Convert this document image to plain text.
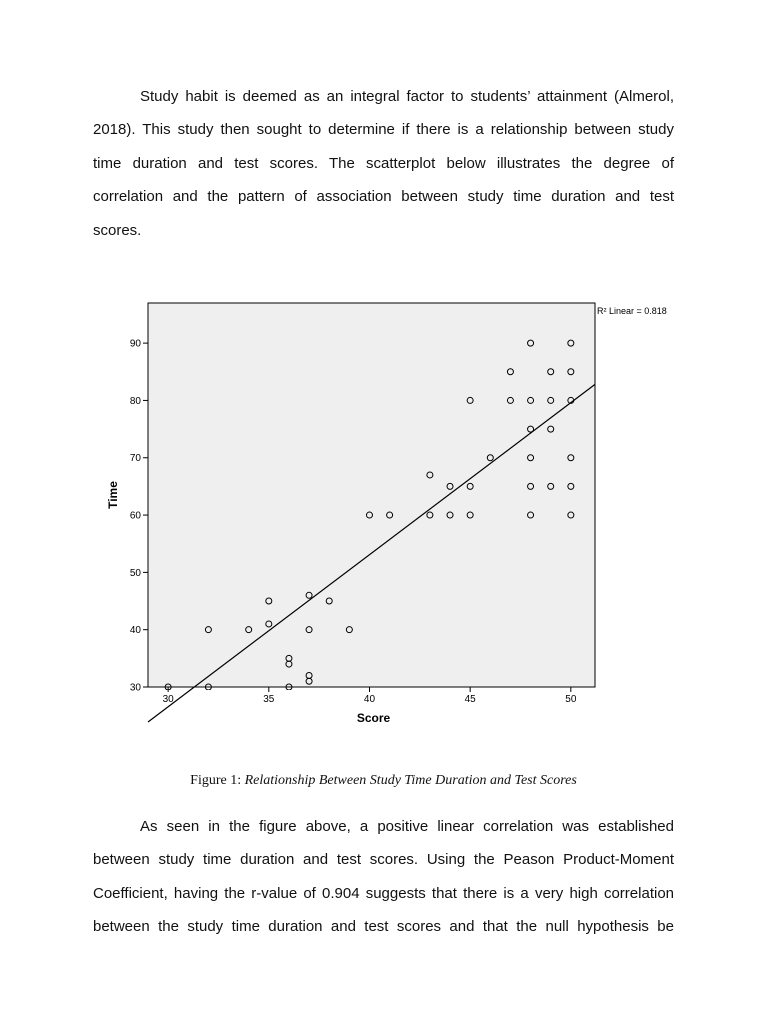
Study habit is deemed as an integral factor to students’ attainment (Almerol,
2018). This study then sought to determine if there is a relationship between study
time duration and test scores. The scatterplot below illustrates the degree of
correlation and the pattern of association between study time duration and test
scores.
30
40
50
60
70
80
90
30	35	40	45	50
Score
Time
R² Linear = 0.818
Figure 1: Relationship Between Study Time Duration and Test Scores
As seen in the figure above, a positive linear correlation was established
between study time duration and test scores. Using the Peason Product-Moment
Coefficient, having the r-value of 0.904 suggests that there is a very high correlation
between the study time duration and test scores and that the null hypothesis be
